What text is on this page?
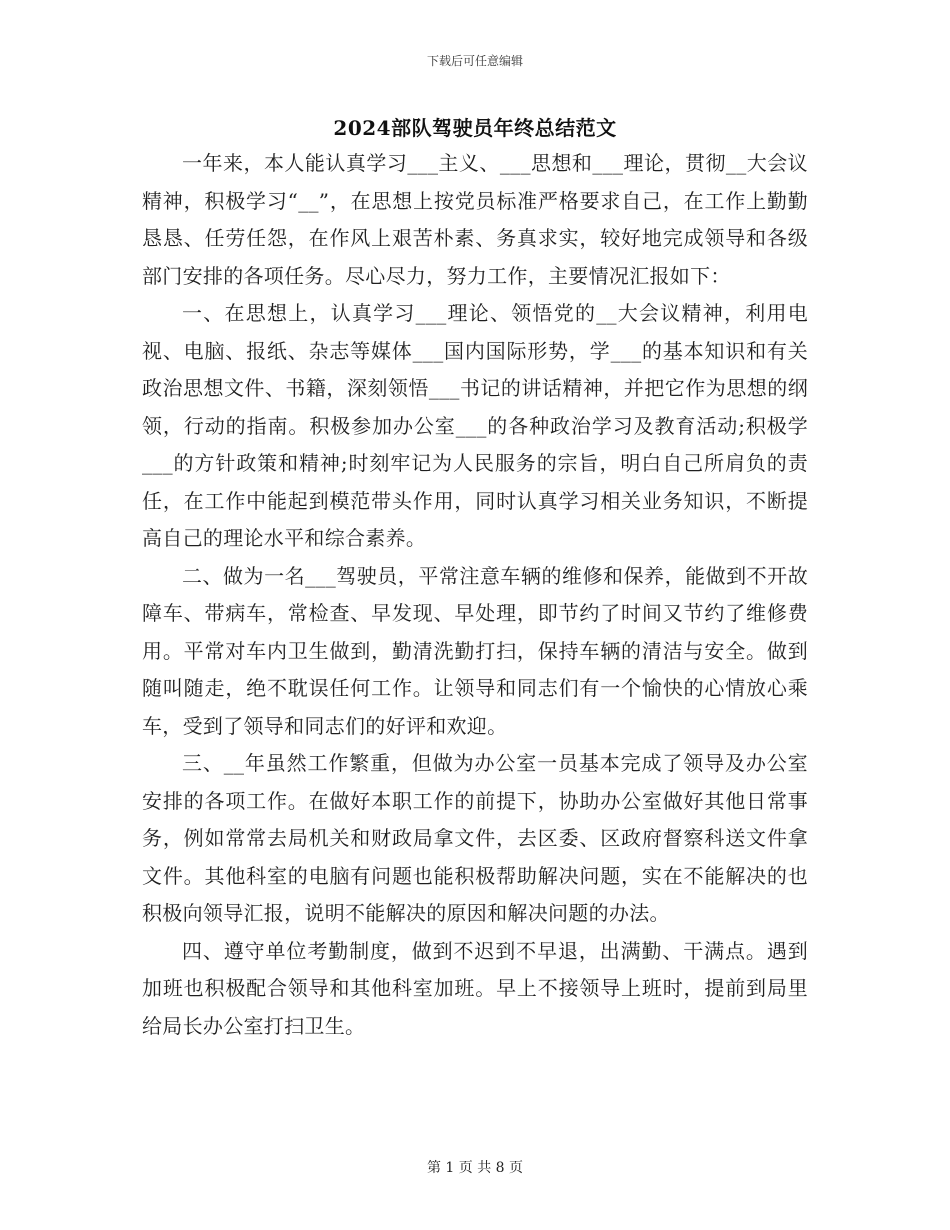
下载后可任意编辑
2024部队驾驶员年终总结范文

一年来，本人能认真学习___主义、___思想和___理论，贯彻__大会议精神，积极学习“__”，在思想上按党员标准严格要求自己，在工作上勤勤恳恳、任劳任怨，在作风上艰苦朴素、务真求实，较好地完成领导和各级部门安排的各项任务。尽心尽力，努力工作，主要情况汇报如下：

一、在思想上，认真学习___理论、领悟党的__大会议精神，利用电视、电脑、报纸、杂志等媒体___国内国际形势，学___的基本知识和有关政治思想文件、书籍，深刻领悟___书记的讲话精神，并把它作为思想的纲领，行动的指南。积极参加办公室___的各种政治学习及教育活动;积极学___的方针政策和精神;时刻牢记为人民服务的宗旨，明白自己所肩负的责任，在工作中能起到模范带头作用，同时认真学习相关业务知识，不断提高自己的理论水平和综合素养。

二、做为一名___驾驶员，平常注意车辆的维修和保养，能做到不开故障车、带病车，常检查、早发现、早处理，即节约了时间又节约了维修费用。平常对车内卫生做到，勤清洗勤打扫，保持车辆的清洁与安全。做到随叫随走，绝不耽误任何工作。让领导和同志们有一个愉快的心情放心乘车，受到了领导和同志们的好评和欢迎。

三、__年虽然工作繁重，但做为办公室一员基本完成了领导及办公室安排的各项工作。在做好本职工作的前提下，协助办公室做好其他日常事务，例如常常去局机关和财政局拿文件，去区委、区政府督察科送文件拿文件。其他科室的电脑有问题也能积极帮助解决问题，实在不能解决的也积极向领导汇报，说明不能解决的原因和解决问题的办法。

四、遵守单位考勤制度，做到不迟到不早退，出满勤、干满点。遇到加班也积极配合领导和其他科室加班。早上不接领导上班时，提前到局里给局长办公室打扫卫生。

第 1 页 共 8 页
